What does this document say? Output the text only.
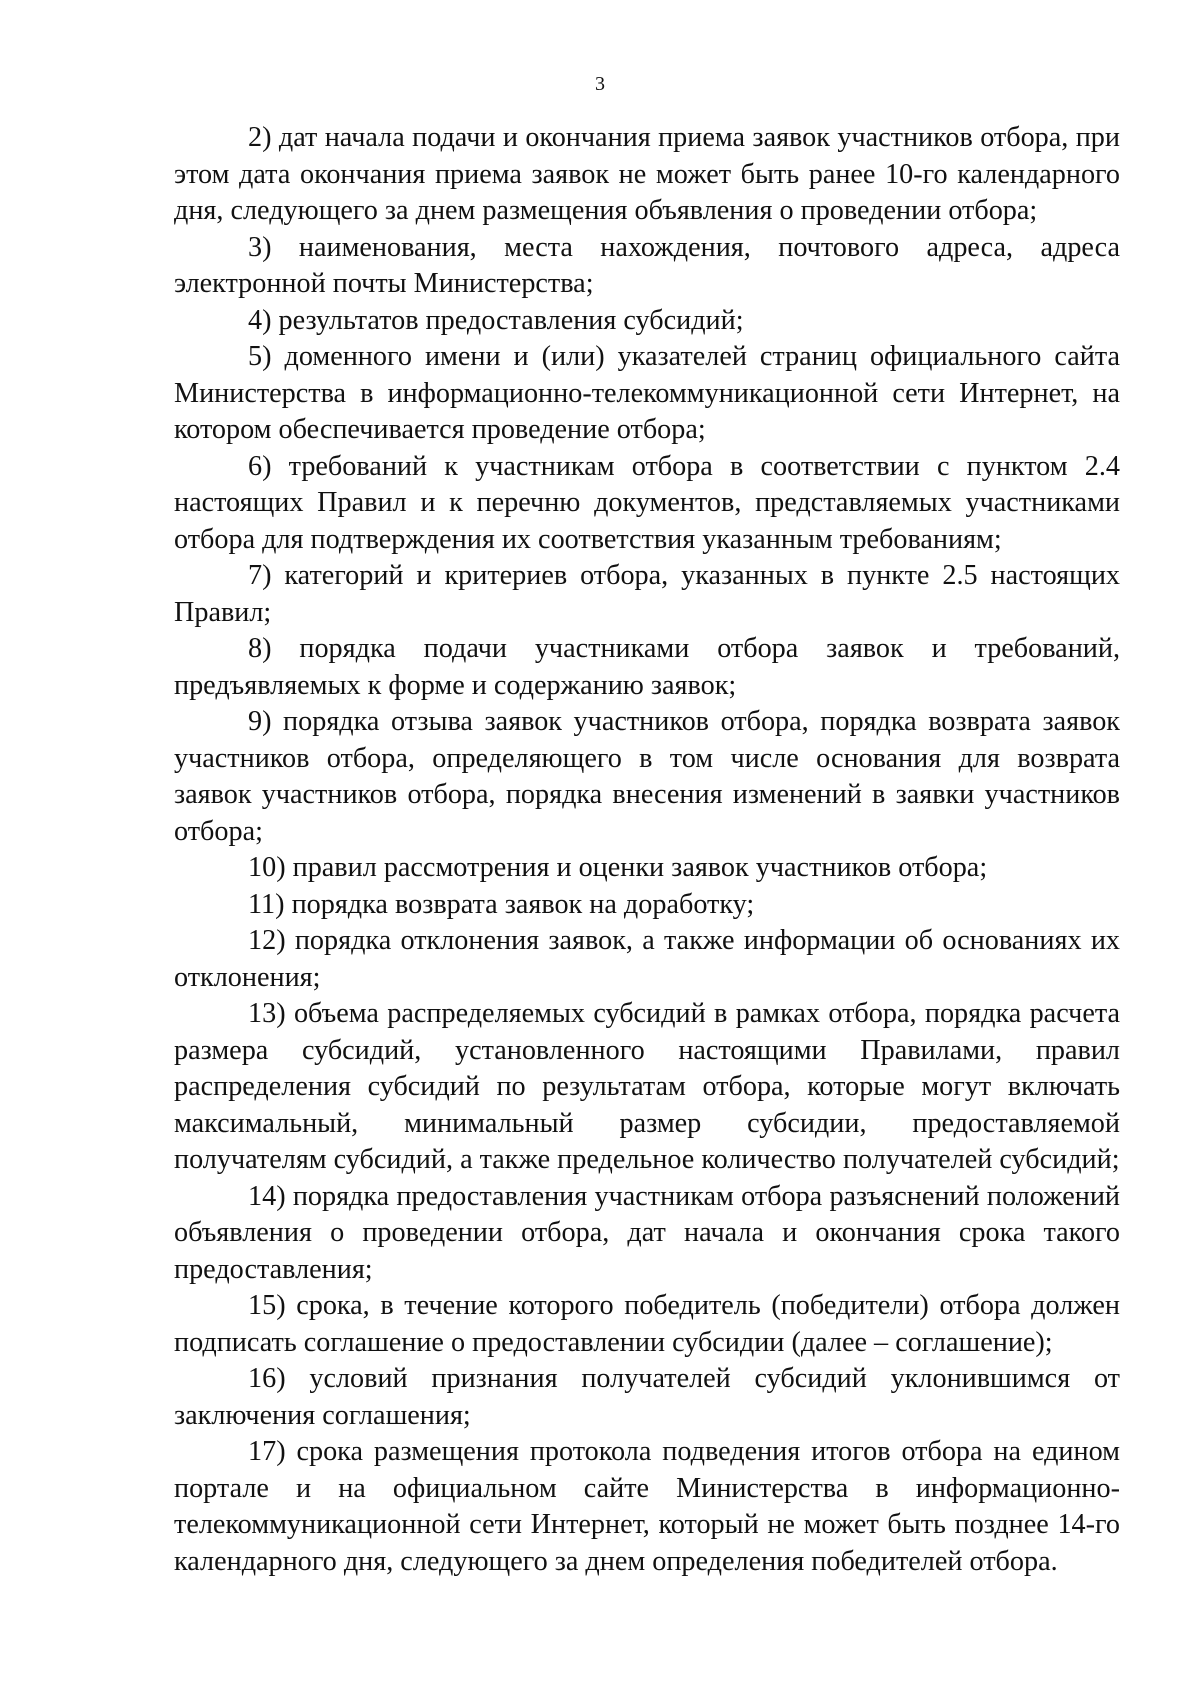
3

2) дат начала подачи и окончания приема заявок участников отбора, при этом дата окончания приема заявок не может быть ранее 10-го календарного дня, следующего за днем размещения объявления о проведении отбора;

3) наименования, места нахождения, почтового адреса, адреса электронной почты Министерства;

4) результатов предоставления субсидий;

5) доменного имени и (или) указателей страниц официального сайта Министерства в информационно-телекоммуникационной сети Интернет, на котором обеспечивается проведение отбора;

6) требований к участникам отбора в соответствии с пунктом 2.4 настоящих Правил и к перечню документов, представляемых участниками отбора для подтверждения их соответствия указанным требованиям;

7) категорий и критериев отбора, указанных в пункте 2.5 настоящих Правил;

8) порядка подачи участниками отбора заявок и требований, предъявляемых к форме и содержанию заявок;

9) порядка отзыва заявок участников отбора, порядка возврата заявок участников отбора, определяющего в том числе основания для возврата заявок участников отбора, порядка внесения изменений в заявки участников отбора;

10) правил рассмотрения и оценки заявок участников отбора;

11) порядка возврата заявок на доработку;

12) порядка отклонения заявок, а также информации об основаниях их отклонения;

13) объема распределяемых субсидий в рамках отбора, порядка расчета размера субсидий, установленного настоящими Правилами, правил распределения субсидий по результатам отбора, которые могут включать максимальный, минимальный размер субсидии, предоставляемой получателям субсидий, а также предельное количество получателей субсидий;

14) порядка предоставления участникам отбора разъяснений положений объявления о проведении отбора, дат начала и окончания срока такого предоставления;

15) срока, в течение которого победитель (победители) отбора должен подписать соглашение о предоставлении субсидии (далее – соглашение);

16) условий признания получателей субсидий уклонившимся от заключения соглашения;

17) срока размещения протокола подведения итогов отбора на едином портале и на официальном сайте Министерства в информационно-телекоммуникационной сети Интернет, который не может быть позднее 14-го календарного дня, следующего за днем определения победителей отбора.
